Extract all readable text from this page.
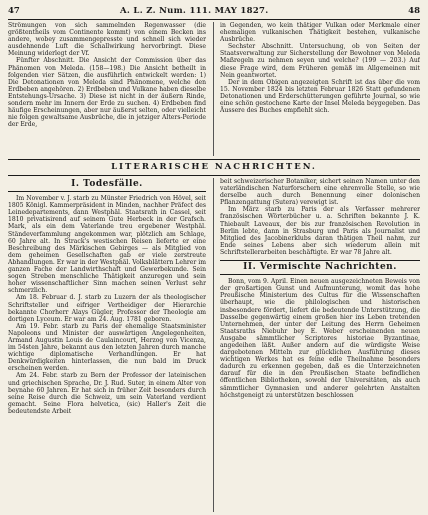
47	A. L. Z. Num. 111. MAY 1827.	48

Strömungen von sich sammelnden Regenwasser (die größtentheils vom Continente kommt) von einem Becken ins andere, wobey zusammengepresste und schnell sich wieder ausdehnende Luft die Schallwirkung hervorbringt. Diese Meinung widerlegt der Vf.

Fünfter Abschnitt. Die Ansicht der Commission über das Phänomen von Meleda. (158—198.) Die Ansicht betheilt in folgenden vier Sätzen, die ausführlich entwickelt werden: 1) Die Detonationen von Meleda sind Phänomene, welche den Erdbeben angehören. 2) Erdbeben und Vulkane haben dieselbe Entstehungs-Ursache. 3) Diese ist nicht in der äußern Rinde, sondern mehr im Innern der Erde zu suchen. 4) Erdbeben find häufige Erscheinungen, aber nur äußerst selten, oder vielleicht nie folgen gewaltsame Ausbrüche, die in jetziger Alters-Periode der Erde,

in Gegenden, wo kein thätiger Vulkan oder Merkmale einer ehemaligen vulkanischen Thätigkeit bestehen, vulkanische Ausbrüche.

Sechster Abschnitt. Untersuchung, ob von Seiten der Staatsverwaltung zur Sicherstellung der Bewohner von Meleda Maßregeln zu nehmen seyen und welche? (199 — 203.) Auf diese Frage wird, dem Früheren gemäß im Allgemeinen mit Nein geantwortet.

Der in dem Obigen angezeigten Schrift ist das über die vom 15. November 1824 bis letzten Februar 1826 Statt gefundenen Detonationen und Erderschütterungen geführte Journal, so wie eine schön gestochene Karte der Insel Meleda beygegeben. Das Äussere des Buches empfiehlt sich.

LITERARISCHE NACHRICHTEN.
I. Todesfälle.

Im November v. J. starb zu Münster Friedrich von Hövel, seit 1805 Königl. Kammerpräsident in Minden, nachher Präfect des Leinedepartements, dann Westphäl. Staatsrath in Cassel, seit 1810 privatisirend auf seinem Gute Herbeck in der Grafsch. Mark, als ein dem Vaterlande treu ergebener Westphäl. Ständeverfammlung angekommen war, plötzlich am Schlage, 60 Jahre alt. In Strack's westischen Reisen lieferte er eine Beschreibung des Märkischen Gebirges — als Mitglied von dem geheimen Gesellschaften gab er viele zerstreute Abhandlungen. Er war in der Westphäl. Volksblättern Lehrer im ganzen Fache der Landwirthschaft und Gewerbekunde. Sein sogen Streben menschliche Thätigkeit anzuregen und sein hoher wissenschaftlicher Sinn machen seinen Verlust sehr schmerzlich.

Am 18. Februar d. J. starb zu Luzern der als theologischer Schriftsteller und eifriger Vertheidiger der Hierarchie bekannte Chorherr Alays Gügler, Professor der Theologie am dortigen Lyceum. Er war am 24. Aug. 1781 geboren.

Am 19. Febr. starb zu Paris der ehemalige Staatsminister Napoleons und Minister der auswärtigen Angelegenheiten, Armand Augustin Louis de Caulaincourt, Herzog von Vicenza, im 54sten Jahre, bekannt aus den letzten Jahren durch manche wichtige diplomatische Verhandlungen. Er hat Denkwürdigkeiten hinterlassen, die nun bald im Druck erscheinen werden.

Am 24. Febr. starb zu Bern der Professor der lateinischen und griechischen Sprache, Dr. J. Rud. Suter, in einem Alter von beynahe 60 Jahren. Er hat sich in früher Zeit besonders durch seine Reise durch die Schweiz, um sein Vaterland verdient gemacht. Seine Flora helvetica, (sic) Haller's Zeit die bedeutendste Arbeit

beit schweizerischer Botaniker, sichert seinen Namen unter den vaterländischen Naturforschern eine ehrenvolle Stelle, so wie derselbe auch durch Benennung einer dolonischen Pflanzengattung (Sutera) verewigt ist.

Im März starb zu Paris der als Verfasser mehrerer französischen Wörterbücher u. a. Schriften bekannte J. K. Thiebault Laveaux, der bis zur französischen Revolution in Berlin lebte, dann in Strasburg und Paris als Journalist und Mitglied des Jacobinerklubs daran thätigen Theil nahm, zur Ende seines Lebens aber sich wiederum allein mit Schriftstellerarbeiten beschäftigte. Er war 78 Jahre alt.

II. Vermischte Nachrichten.

Bonn, vom 9. April. Einen neuen ausgezeichneten Beweis von der großartigen Gunst und Aufmunterung, womit das hohe Preußische Ministerium des Cultus für die Wissenschaften überhaupt, wie die philologischen und historischen insbesondere fördert, liefert die bedeutende Unterstützung, die Dasselbe gegenwärtig einem großen hier ins Leben tretenden Unternehmen, der unter der Leitung des Herrn Geheimen Staatsraths Niebuhr bey E. Weber erscheinenden neuen Ausgabe sämmtlicher Scriptores historiae Byzantinae, angedeihen läßt. Außer andern auf die würdigste Weise dargebotenen Mitteln zur glücklichen Ausführung dieses wichtigen Werkes hat es feine edle Theilnahme besonders dadurch zu erkennen gegeben, daß es die Unterzeichneten darauf für die in den Preußischen Staate befindlichen öffentlichen Bibliotheken, sowohl der Universitäten, als auch sämmtlicher Gymnasien und anderer gelehrten Anstalten höchstgeneigt zu unterstützen beschlossen
